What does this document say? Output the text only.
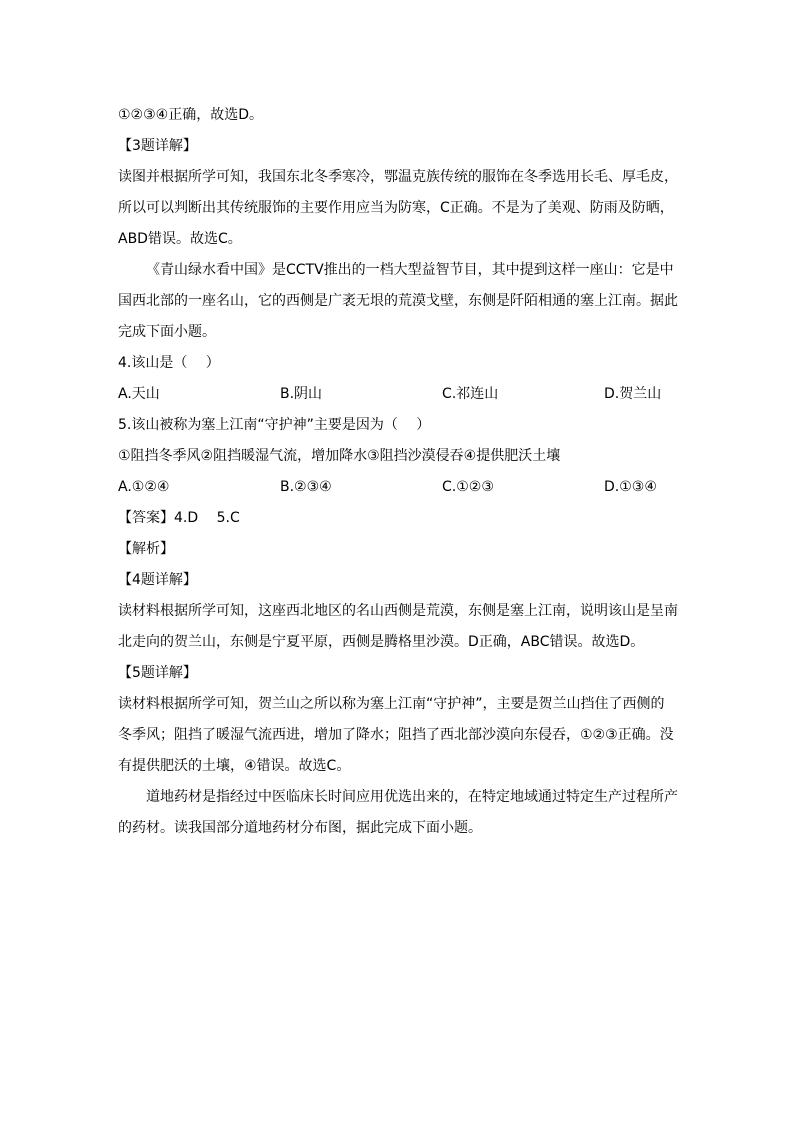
①②③④正确，故选D。

【3题详解】

读图并根据所学可知，我国东北冬季寒冷，鄂温克族传统的服饰在冬季选用长毛、厚毛皮，

所以可以判断出其传统服饰的主要作用应当为防寒，C正确。不是为了美观、防雨及防晒，

ABD错误。故选C。

《青山绿水看中国》是CCTV推出的一档大型益智节目，其中提到这样一座山：它是中

国西北部的一座名山，它的西侧是广袤无垠的荒漠戈壁，东侧是阡陌相通的塞上江南。据此

完成下面小题。

4.该山是（　 ）

A.天山	B.阴山	C.祁连山	D.贺兰山

5.该山被称为塞上江南“守护神”主要是因为（　 ）

①阻挡冬季风②阻挡暖湿气流，增加降水③阻挡沙漠侵吞④提供肥沃土壤

A.①②④	B.②③④	C.①②③	D.①③④

【答案】4.D　 5.C

【解析】

【4题详解】

读材料根据所学可知，这座西北地区的名山西侧是荒漠，东侧是塞上江南，说明该山是呈南

北走向的贺兰山，东侧是宁夏平原，西侧是腾格里沙漠。D正确，ABC错误。故选D。

【5题详解】

读材料根据所学可知，贺兰山之所以称为塞上江南“守护神”，主要是贺兰山挡住了西侧的

冬季风；阻挡了暖湿气流西进，增加了降水；阻挡了西北部沙漠向东侵吞，①②③正确。没

有提供肥沃的土壤，④错误。故选C。

道地药材是指经过中医临床长时间应用优选出来的，在特定地域通过特定生产过程所产

的药材。读我国部分道地药材分布图，据此完成下面小题。
